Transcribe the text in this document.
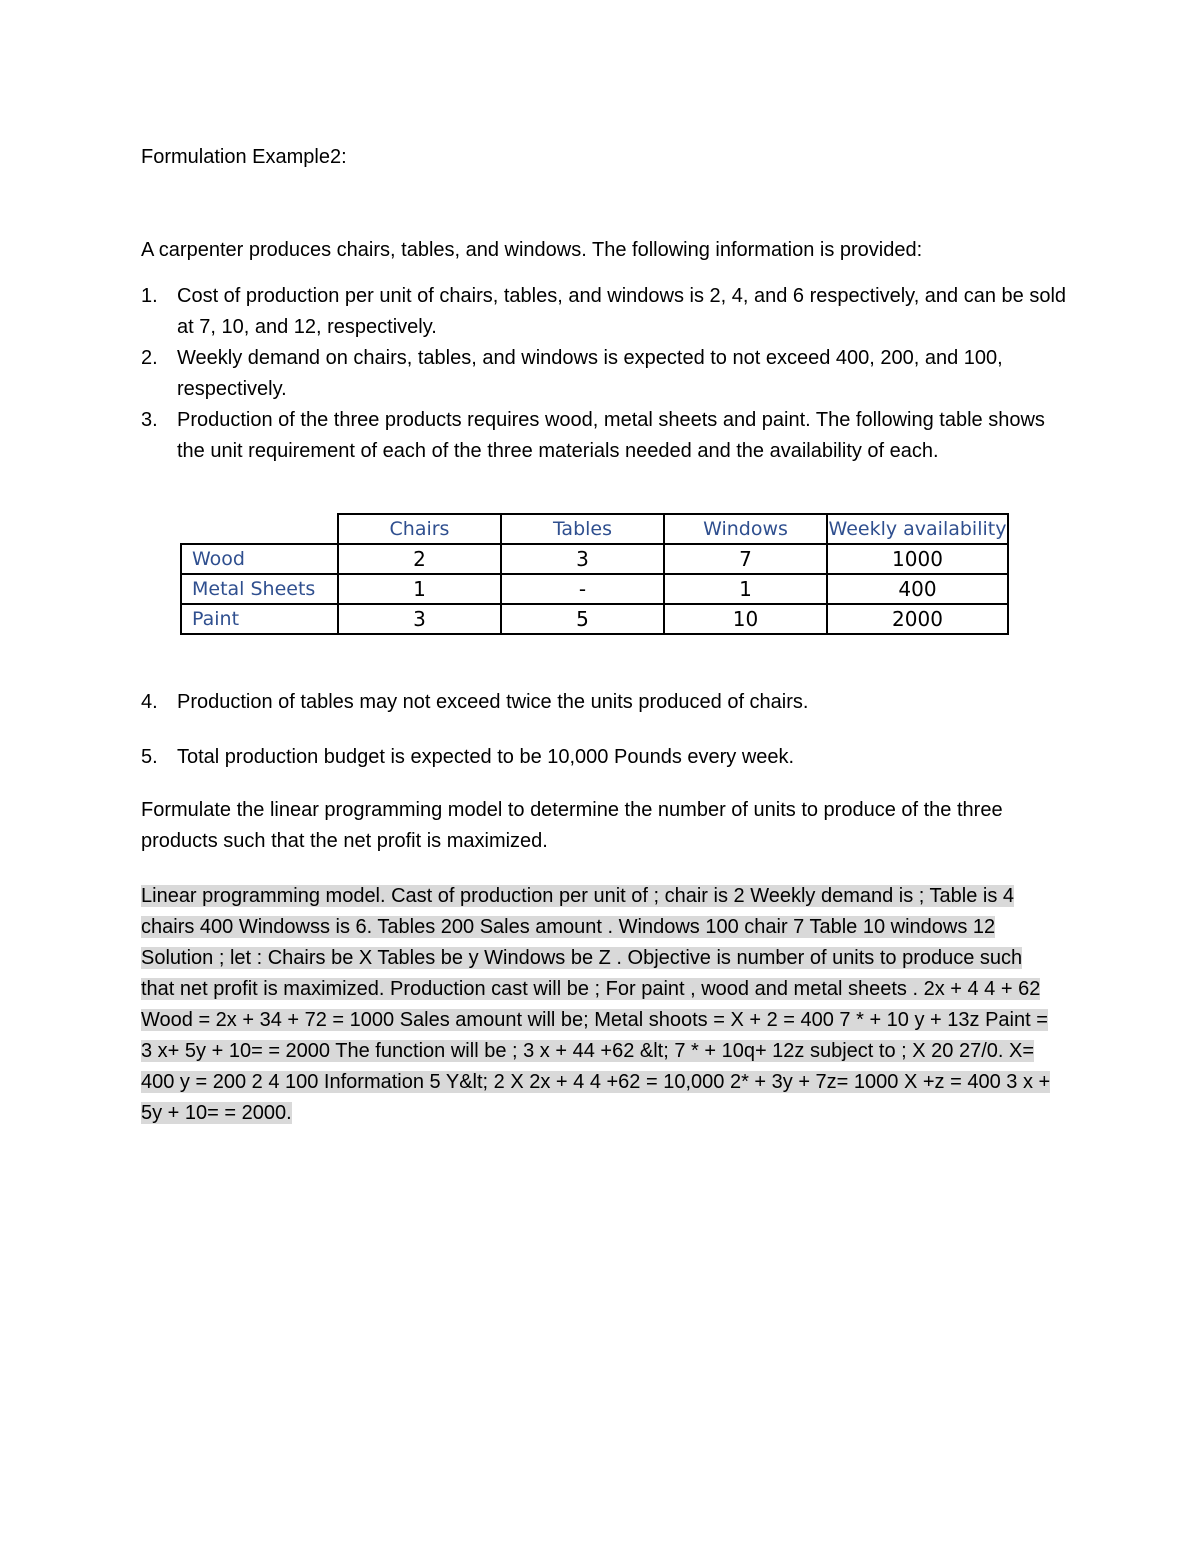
Formulation Example2:
A carpenter produces chairs, tables, and windows. The following information is provided:
1. Cost of production per unit of chairs, tables, and windows is 2, 4, and 6 respectively, and can be sold at 7, 10, and 12, respectively.
2. Weekly demand on chairs, tables, and windows is expected to not exceed 400, 200, and 100, respectively.
3. Production of the three products requires wood, metal sheets and paint. The following table shows the unit requirement of each of the three materials needed and the availability of each.
	Chairs	Tables	Windows	Weekly availability
Wood	2	3	7	1000
Metal Sheets	1	-	1	400
Paint	3	5	10	2000
4. Production of tables may not exceed twice the units produced of chairs.
5. Total production budget is expected to be 10,000 Pounds every week.
Formulate the linear programming model to determine the number of units to produce of the three products such that the net profit is maximized.
Linear programming model. Cast of production per unit of ; chair is 2 Weekly demand is ; Table is 4 chairs 400 Windowss is 6. Tables 200 Sales amount . Windows 100 chair 7 Table 10 windows 12 Solution ; let : Chairs be X Tables be y Windows be Z . Objective is number of units to produce such that net profit is maximized. Production cast will be ; For paint , wood and metal sheets . 2x + 4 4 + 62 Wood = 2x + 34 + 72 = 1000 Sales amount will be; Metal shoots = X + 2 = 400 7 * + 10 y + 13z Paint = 3 x+ 5y + 10= = 2000 The function will be ; 3 x + 44 +62 &lt; 7 * + 10q+ 12z subject to ; X 20 27/0. X= 400 y = 200 2 4 100 Information 5 Y&lt; 2 X 2x + 4 4 +62 = 10,000 2* + 3y + 7z= 1000 X +z = 400 3 x + 5y + 10= = 2000.
